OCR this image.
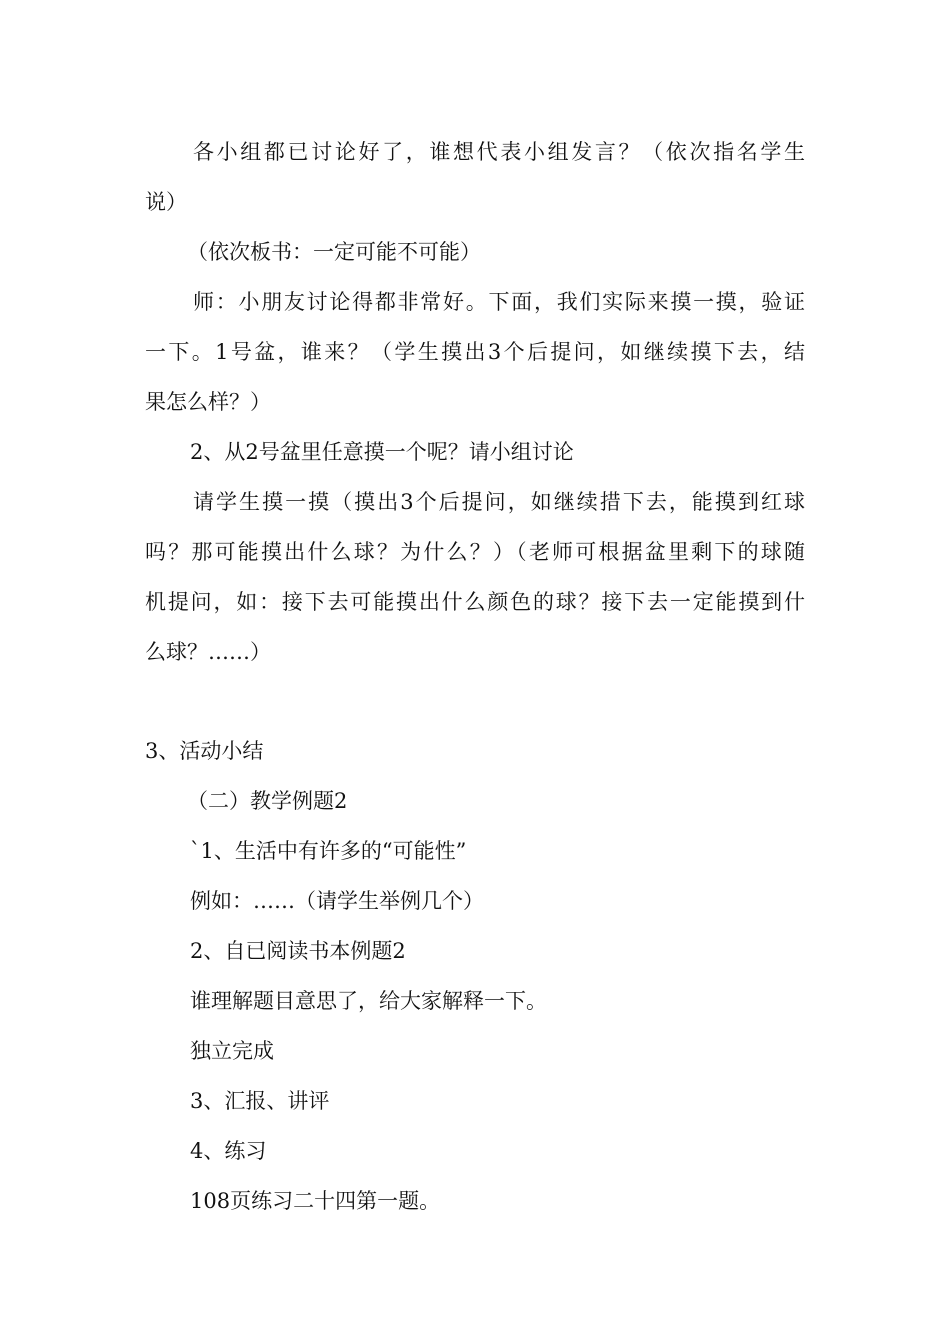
各小组都已讨论好了，谁想代表小组发言？（依次指名学生
说）
（依次板书：一定可能不可能）
师：小朋友讨论得都非常好。下面，我们实际来摸一摸，验证
一下。1号盆，谁来？（学生摸出3个后提问，如继续摸下去，结
果怎么样？）
2、从2号盆里任意摸一个呢？请小组讨论
请学生摸一摸（摸出3个后提问，如继续措下去，能摸到红球
吗？那可能摸出什么球？为什么？）（老师可根据盆里剩下的球随
机提问，如：接下去可能摸出什么颜色的球？接下去一定能摸到什
么球？……）
3、活动小结
（二）教学例题2
`1、生活中有许多的“可能性”
例如：……（请学生举例几个）
2、自已阅读书本例题2
谁理解题目意思了，给大家解释一下。
独立完成
3、汇报、讲评
4、练习
108页练习二十四第一题。
